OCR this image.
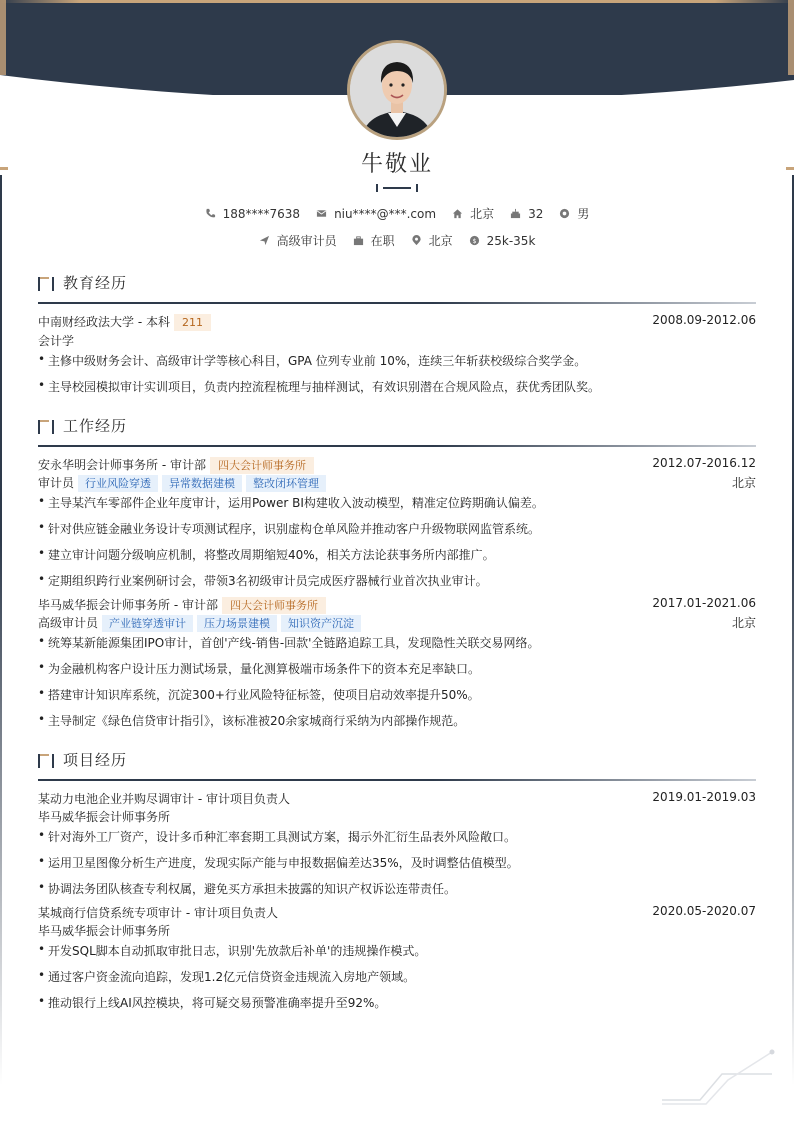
牛敬业
188****7638	niu****@***.com	北京	32	男
高级审计员	在职	北京	$ 25k-35k
教育经历
中南财经政法大学 - 本科 211	2008.09-2012.06
会计学
• 主修中级财务会计、高级审计学等核心科目，GPA 位列专业前 10%，连续三年斩获校级综合奖学金。
• 主导校园模拟审计实训项目，负责内控流程梳理与抽样测试，有效识别潜在合规风险点，获优秀团队奖。
工作经历
安永华明会计师事务所 - 审计部 四大会计师事务所	2012.07-2016.12
审计员 行业风险穿透 异常数据建模 整改闭环管理	北京
• 主导某汽车零部件企业年度审计，运用Power BI构建收入波动模型，精准定位跨期确认偏差。
• 针对供应链金融业务设计专项测试程序，识别虚构仓单风险并推动客户升级物联网监管系统。
• 建立审计问题分级响应机制，将整改周期缩短40%，相关方法论获事务所内部推广。
• 定期组织跨行业案例研讨会，带领3名初级审计员完成医疗器械行业首次执业审计。
毕马威华振会计师事务所 - 审计部 四大会计师事务所	2017.01-2021.06
高级审计员 产业链穿透审计 压力场景建模 知识资产沉淀	北京
• 统筹某新能源集团IPO审计，首创'产线-销售-回款'全链路追踪工具，发现隐性关联交易网络。
• 为金融机构客户设计压力测试场景，量化测算极端市场条件下的资本充足率缺口。
• 搭建审计知识库系统，沉淀300+行业风险特征标签，使项目启动效率提升50%。
• 主导制定《绿色信贷审计指引》，该标准被20余家城商行采纳为内部操作规范。
项目经历
某动力电池企业并购尽调审计 - 审计项目负责人	2019.01-2019.03
毕马威华振会计师事务所
• 针对海外工厂资产，设计多币种汇率套期工具测试方案，揭示外汇衍生品表外风险敞口。
• 运用卫星图像分析生产进度，发现实际产能与申报数据偏差达35%，及时调整估值模型。
• 协调法务团队核查专利权属，避免买方承担未披露的知识产权诉讼连带责任。
某城商行信贷系统专项审计 - 审计项目负责人	2020.05-2020.07
毕马威华振会计师事务所
• 开发SQL脚本自动抓取审批日志，识别'先放款后补单'的违规操作模式。
• 通过客户资金流向追踪，发现1.2亿元信贷资金违规流入房地产领域。
• 推动银行上线AI风控模块，将可疑交易预警准确率提升至92%。
